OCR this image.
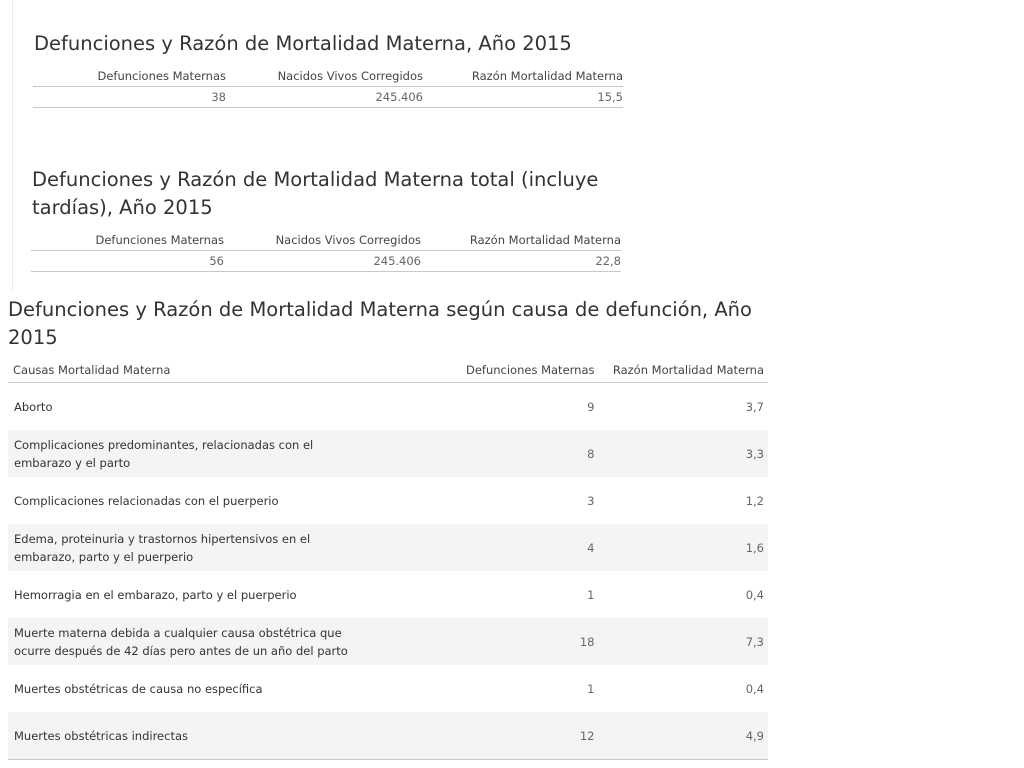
Defunciones y Razón de Mortalidad Materna, Año 2015
Defunciones Maternas	Nacidos Vivos Corregidos	Razón Mortalidad Materna
38	245.406	15,5
Defunciones y Razón de Mortalidad Materna total (incluye tardías), Año 2015
Defunciones Maternas	Nacidos Vivos Corregidos	Razón Mortalidad Materna
56	245.406	22,8
Defunciones y Razón de Mortalidad Materna según causa de defunción, Año 2015
Causas Mortalidad Materna	Defunciones Maternas	Razón Mortalidad Materna
Aborto	9	3,7
Complicaciones predominantes, relacionadas con el
embarazo y el parto	8	3,3
Complicaciones relacionadas con el puerperio	3	1,2
Edema, proteinuria y trastornos hipertensivos en el
embarazo, parto y el puerperio	4	1,6
Hemorragia en el embarazo, parto y el puerperio	1	0,4
Muerte materna debida a cualquier causa obstétrica que
ocurre después de 42 días pero antes de un año del parto	18	7,3
Muertes obstétricas de causa no específica	1	0,4
Muertes obstétricas indirectas	12	4,9
